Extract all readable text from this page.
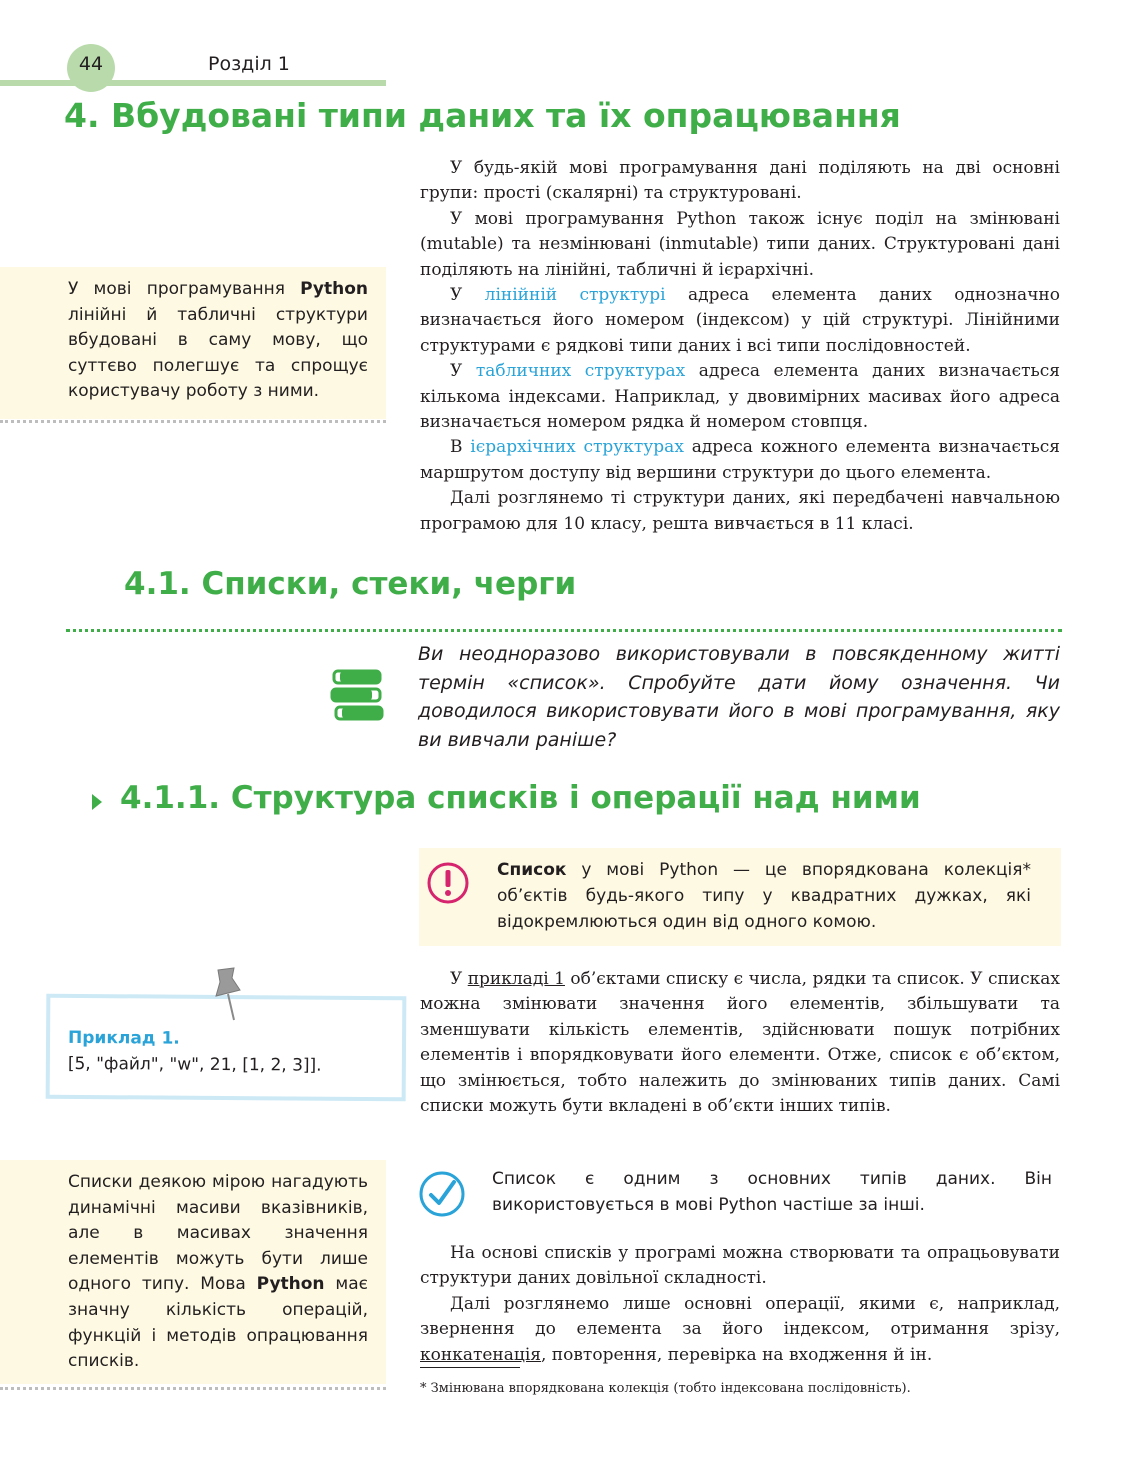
44	Розділ 1
4. Вбудовані типи даних та їх опрацювання

У будь-якій мові програмування дані поділяють на дві основні групи: прості (скалярні) та структуровані.

У мові програмування Python також існує поділ на змінювані (mutable) та незмінювані (inmutable) типи даних. Структуровані дані поділяють на лінійні, табличні й ієрархічні.

У лінійній структурі адреса елемента даних однозначно визначається його номером (індексом) у цій структурі. Лінійними структурами є рядкові типи даних і всі типи послідовностей.

У табличних структурах адреса елемента даних визначається кількома індексами. Наприклад, у двовимірних масивах його адреса визначається номером рядка й номером стовпця.

В ієрархічних структурах адреса кожного елемента визначається маршрутом доступу від вершини структури до цього елемента.

Далі розглянемо ті структури даних, які передбачені навчальною програмою для 10 класу, решта вивчається в 11 класі.

У мові програмування Python лінійні й табличні структури вбудовані в саму мову, що суттєво полегшує та спрощує користувачу роботу з ними.
4.1. Списки, стеки, черги
Ви неодноразово використовували в повсякденному житті термін «список». Спробуйте дати йому означення. Чи доводилося використовувати його в мові програмування, яку ви вивчали раніше?
4.1.1. Структура списків і операції над ними
Список у мові Python — це впорядкована колекція* об’єктів будь-якого типу у квадратних дужках, які відокремлюються один від одного комою.
Приклад 1.
[5, "файл", "w", 21, [1, 2, 3]].

У прикладі 1 об’єктами списку є числа, рядки та список. У списках можна змінювати значення його елементів, збільшувати та зменшувати кількість елементів, здійснювати пошук потрібних елементів і впорядковувати його елементи. Отже, список є об’єктом, що змінюється, тобто належить до змінюваних типів даних. Самі списки можуть бути вкладені в об’єкти інших типів.

Список є одним з основних типів даних. Він використовується в мові Python частіше за інші.

На основі списків у програмі можна створювати та опрацьовувати структури даних довільної складності.

Далі розглянемо лише основні операції, якими є, наприклад, звернення до елемента за його індексом, отримання зрізу, конкатенація, повторення, перевірка на входження й ін.

Списки деякою мірою нагадують динамічні масиви вказівників, але в масивах значення елементів можуть бути лише одного типу. Мова Python має значну кількість операцій, функцій і методів опрацювання списків.
* Змінювана впорядкована колекція (тобто індексована послідовність).
